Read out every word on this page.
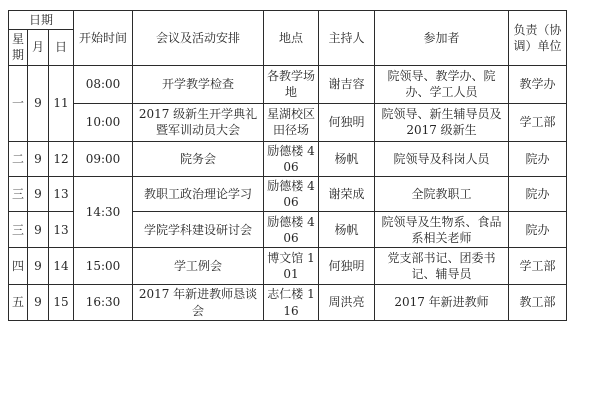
日期			开始时间	会议及活动安排	地点	主持人	参加者	负责（协调）单位
星期	月	日						
一	9	11	08:00	开学教学检查	各教学场地	谢吉容	院领导、教学办、院办、学工人员	教学办
			10:00	2017 级新生开学典礼暨军训动员大会	星湖校区田径场	何独明	院领导、新生辅导员及 2017 级新生	学工部
二	9	12	09:00	院务会	励德楼 406	杨帆	院领导及科岗人员	院办
三	9	13	14:30	教职工政治理论学习	励德楼 406	谢荣成	全院教职工	院办
三	9	13		学院学科建设研讨会	励德楼 406	杨帆	院领导及生物系、食品系相关老师	院办
四	9	14	15:00	学工例会	博文馆 101	何独明	党支部书记、团委书记、辅导员	学工部
五	9	15	16:30	2017 年新进教师恳谈会	志仁楼 116	周洪亮	2017 年新进教师	教工部
